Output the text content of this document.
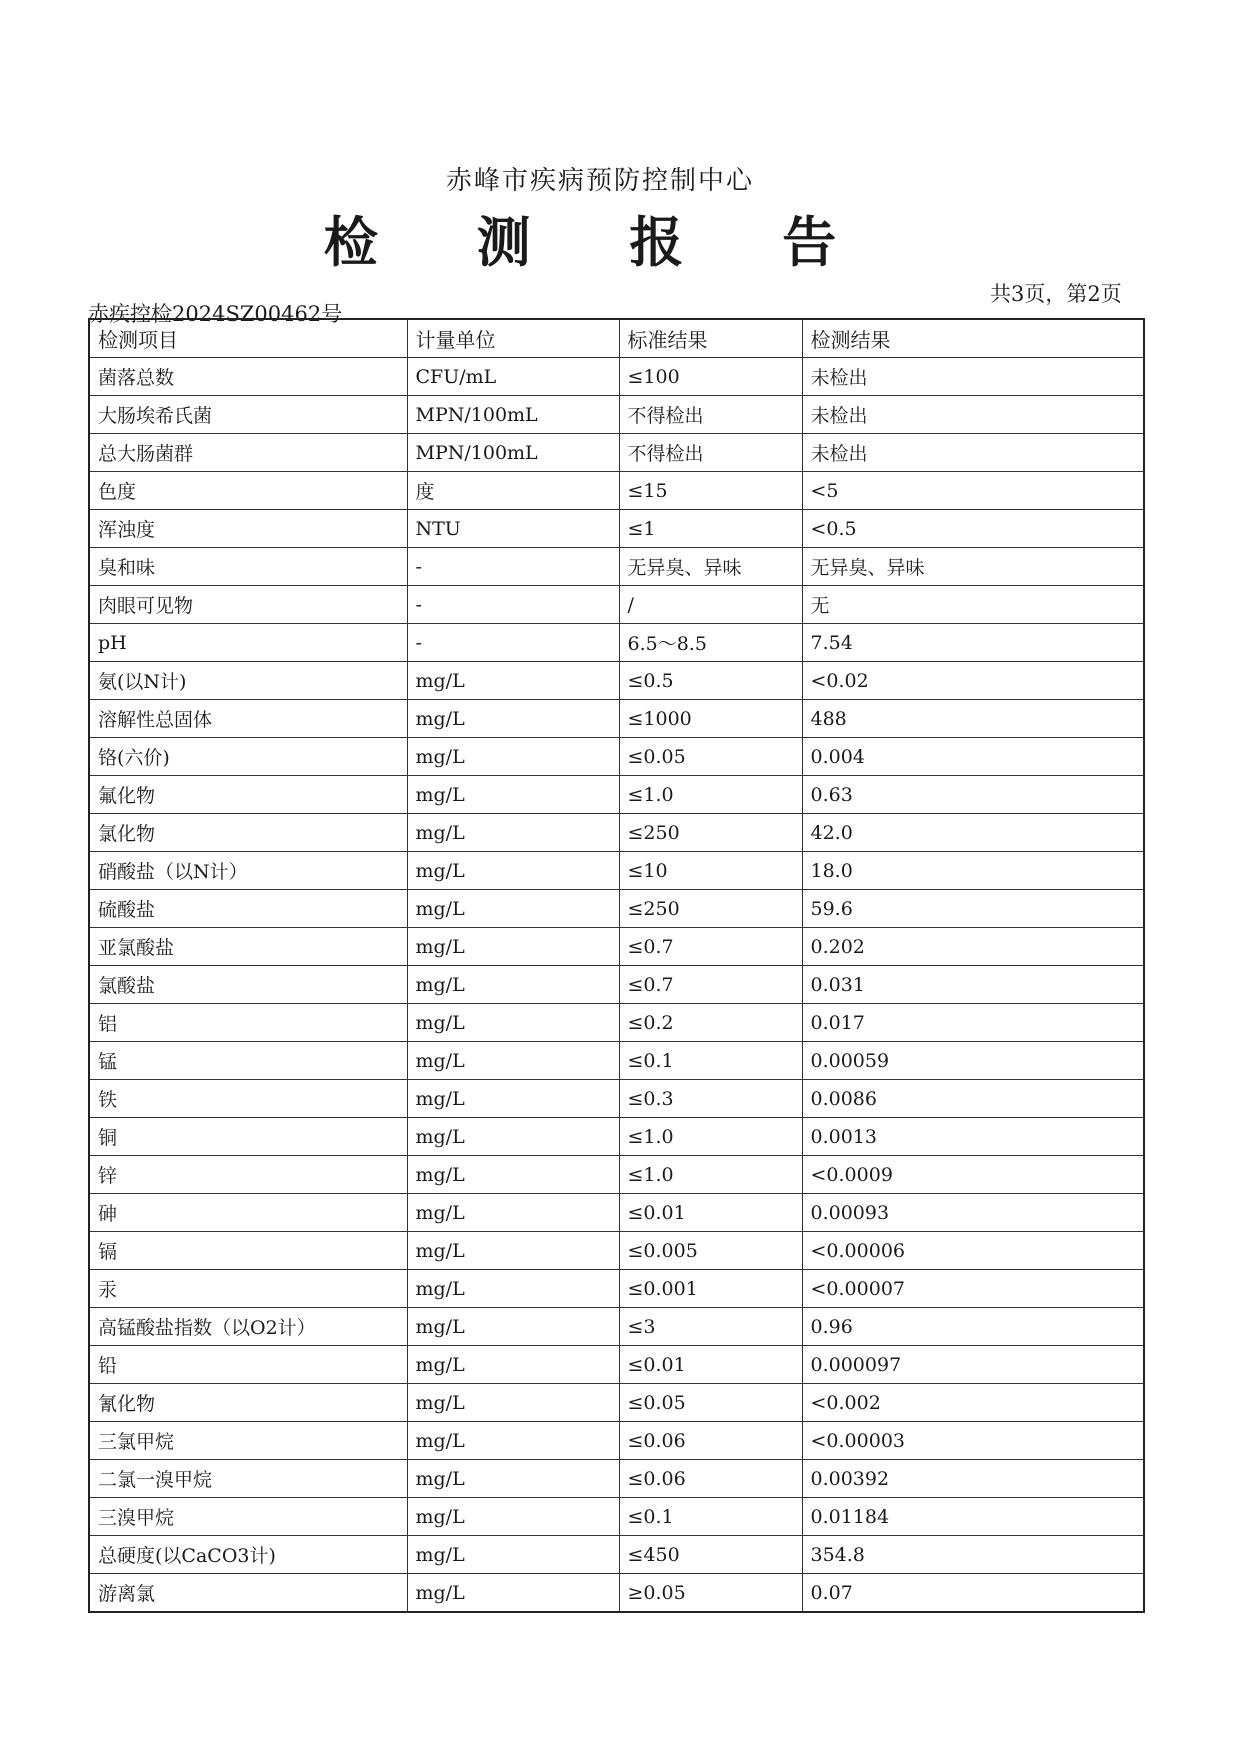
赤峰市疾病预防控制中心
检 测 报 告
共3页，第2页
赤疾控检2024SZ00462号
检测项目	计量单位	标准结果	检测结果
菌落总数	CFU/mL	≤100	未检出
大肠埃希氏菌	MPN/100mL	不得检出	未检出
总大肠菌群	MPN/100mL	不得检出	未检出
色度	度	≤15	<5
浑浊度	NTU	≤1	<0.5
臭和味	-	无异臭、异味	无异臭、异味
肉眼可见物	-	/	无
pH	-	6.5～8.5	7.54
氨(以N计)	mg/L	≤0.5	<0.02
溶解性总固体	mg/L	≤1000	488
铬(六价)	mg/L	≤0.05	0.004
氟化物	mg/L	≤1.0	0.63
氯化物	mg/L	≤250	42.0
硝酸盐（以N计）	mg/L	≤10	18.0
硫酸盐	mg/L	≤250	59.6
亚氯酸盐	mg/L	≤0.7	0.202
氯酸盐	mg/L	≤0.7	0.031
铝	mg/L	≤0.2	0.017
锰	mg/L	≤0.1	0.00059
铁	mg/L	≤0.3	0.0086
铜	mg/L	≤1.0	0.0013
锌	mg/L	≤1.0	<0.0009
砷	mg/L	≤0.01	0.00093
镉	mg/L	≤0.005	<0.00006
汞	mg/L	≤0.001	<0.00007
高锰酸盐指数（以O2计）	mg/L	≤3	0.96
铅	mg/L	≤0.01	0.000097
氰化物	mg/L	≤0.05	<0.002
三氯甲烷	mg/L	≤0.06	<0.00003
二氯一溴甲烷	mg/L	≤0.06	0.00392
三溴甲烷	mg/L	≤0.1	0.01184
总硬度(以CaCO3计)	mg/L	≤450	354.8
游离氯	mg/L	≥0.05	0.07
